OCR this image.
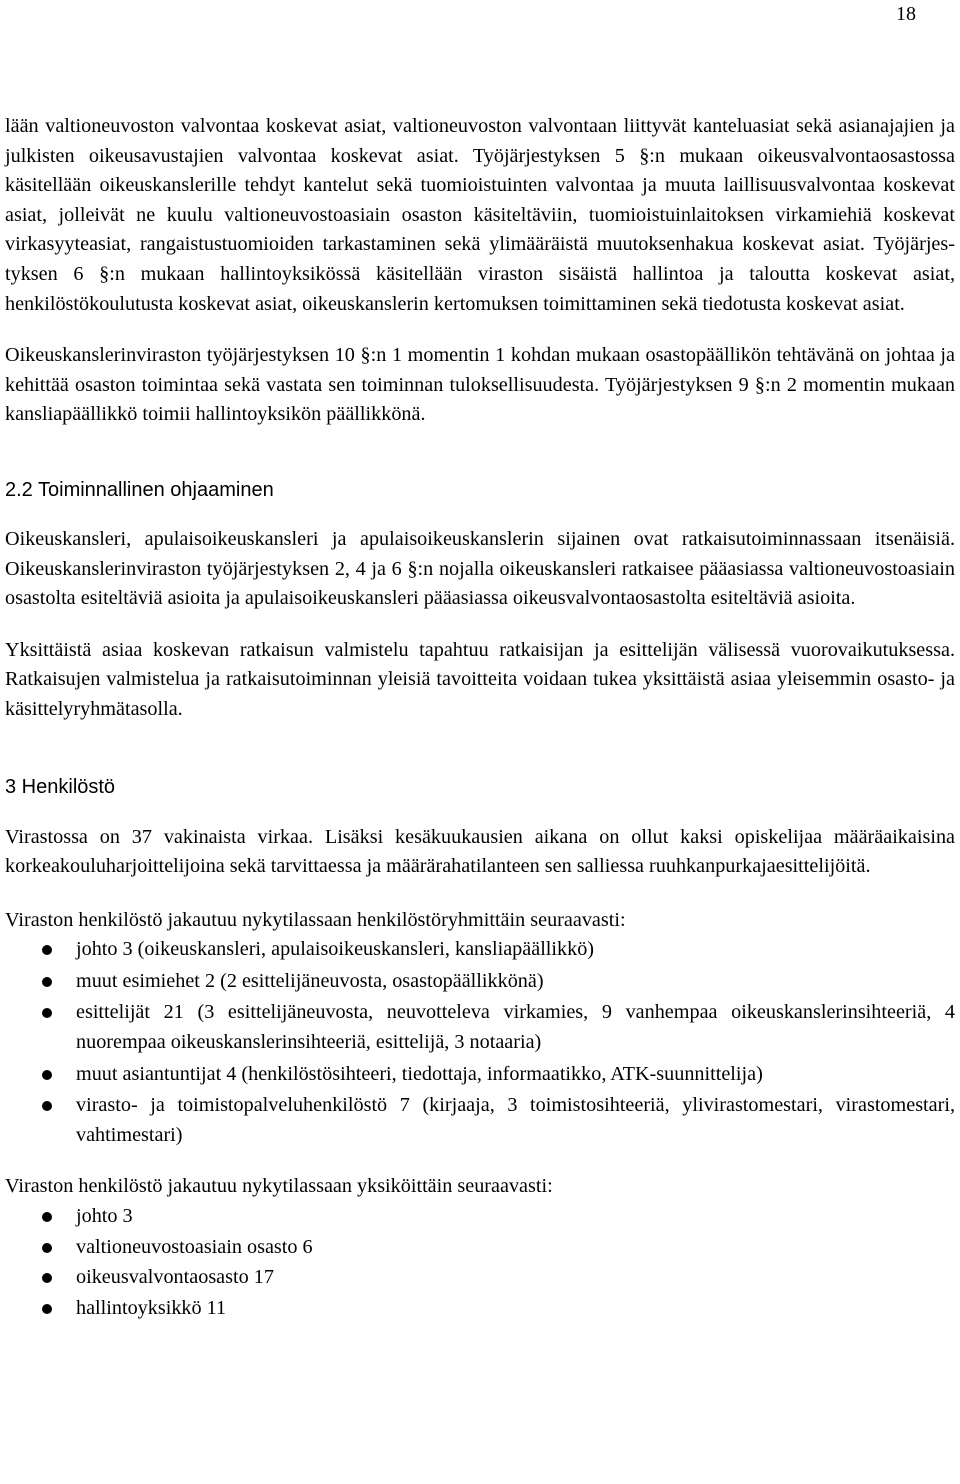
18

lään valtioneuvoston valvontaa koskevat asiat, valtioneuvoston valvontaan liittyvät kanteluasiat sekä asianajajien ja julkisten oikeusavustajien valvontaa koskevat asiat. Työjärjestyksen 5 §:n mukaan oikeusvalvontaosastossa käsitellään oikeuskanslerille tehdyt kantelut sekä tuomioistuinten valvontaa ja muuta laillisuusvalvontaa koskevat asiat, jolleivät ne kuulu valtioneuvostoasiain osaston käsiteltäviin, tuomioistuinlaitoksen virkamiehiä koskevat virkasyyteasiat, rangaistustuomioiden tarkastaminen sekä ylimääräistä muutoksenhakua koskevat asiat. Työjärjestyksen 6 §:n mukaan hallintoyksikössä käsitellään viraston sisäistä hallintoa ja taloutta koskevat asiat, henkilöstökoulutusta koskevat asiat, oikeuskanslerin kertomuksen toimittaminen sekä tiedotusta koskevat asiat.

Oikeuskanslerinviraston työjärjestyksen 10 §:n 1 momentin 1 kohdan mukaan osastopäällikön tehtävänä on johtaa ja kehittää osaston toimintaa sekä vastata sen toiminnan tuloksellisuudesta. Työjärjestyksen 9 §:n 2 momentin mukaan kansliapäällikkö toimii hallintoyksikön päällikkönä.

2.2 Toiminnallinen ohjaaminen

Oikeuskansleri, apulaisoikeuskansleri ja apulaisoikeuskanslerin sijainen ovat ratkaisutoiminnassaan itsenäisiä. Oikeuskanslerinviraston työjärjestyksen 2, 4 ja 6 §:n nojalla oikeuskansleri ratkaisee pääasiassa valtioneuvostoasiain osastolta esiteltäviä asioita ja apulaisoikeuskansleri pääasiassa oikeusvalvontaosastolta esiteltäviä asioita.

Yksittäistä asiaa koskevan ratkaisun valmistelu tapahtuu ratkaisijan ja esittelijän välisessä vuorovaikutuksessa. Ratkaisujen valmistelua ja ratkaisutoiminnan yleisiä tavoitteita voidaan tukea yksittäistä asiaa yleisemmin osasto- ja käsittelyryhmätasolla.

3 Henkilöstö

Virastossa on 37 vakinaista virkaa. Lisäksi kesäkuukausien aikana on ollut kaksi opiskelijaa määräaikaisina korkeakouluharjoittelijoina sekä tarvittaessa ja määrärahatilanteen sen salliessa ruuhkanpurkajaesittelijöitä.

Viraston henkilöstö jakautuu nykytilassaan henkilöstöryhmittäin seuraavasti:

johto 3 (oikeuskansleri, apulaisoikeuskansleri, kansliapäällikkö)
muut esimiehet 2 (2 esittelijäneuvosta, osastopäällikkönä)
esittelijät 21 (3 esittelijäneuvosta, neuvotteleva virkamies, 9 vanhempaa oikeuskanslerinsihteeriä, 4 nuorempaa oikeuskanslerinsihteeriä, esittelijä, 3 notaaria)
muut asiantuntijat 4 (henkilöstösihteeri, tiedottaja, informaatikko, ATK-suunnittelija)
virasto- ja toimistopalveluhenkilöstö 7 (kirjaaja, 3 toimistosihteeriä, ylivirastomestari, virastomestari, vahtimestari)

Viraston henkilöstö jakautuu nykytilassaan yksiköittäin seuraavasti:

johto 3
valtioneuvostoasiain osasto 6
oikeusvalvontaosasto 17
hallintoyksikkö 11
